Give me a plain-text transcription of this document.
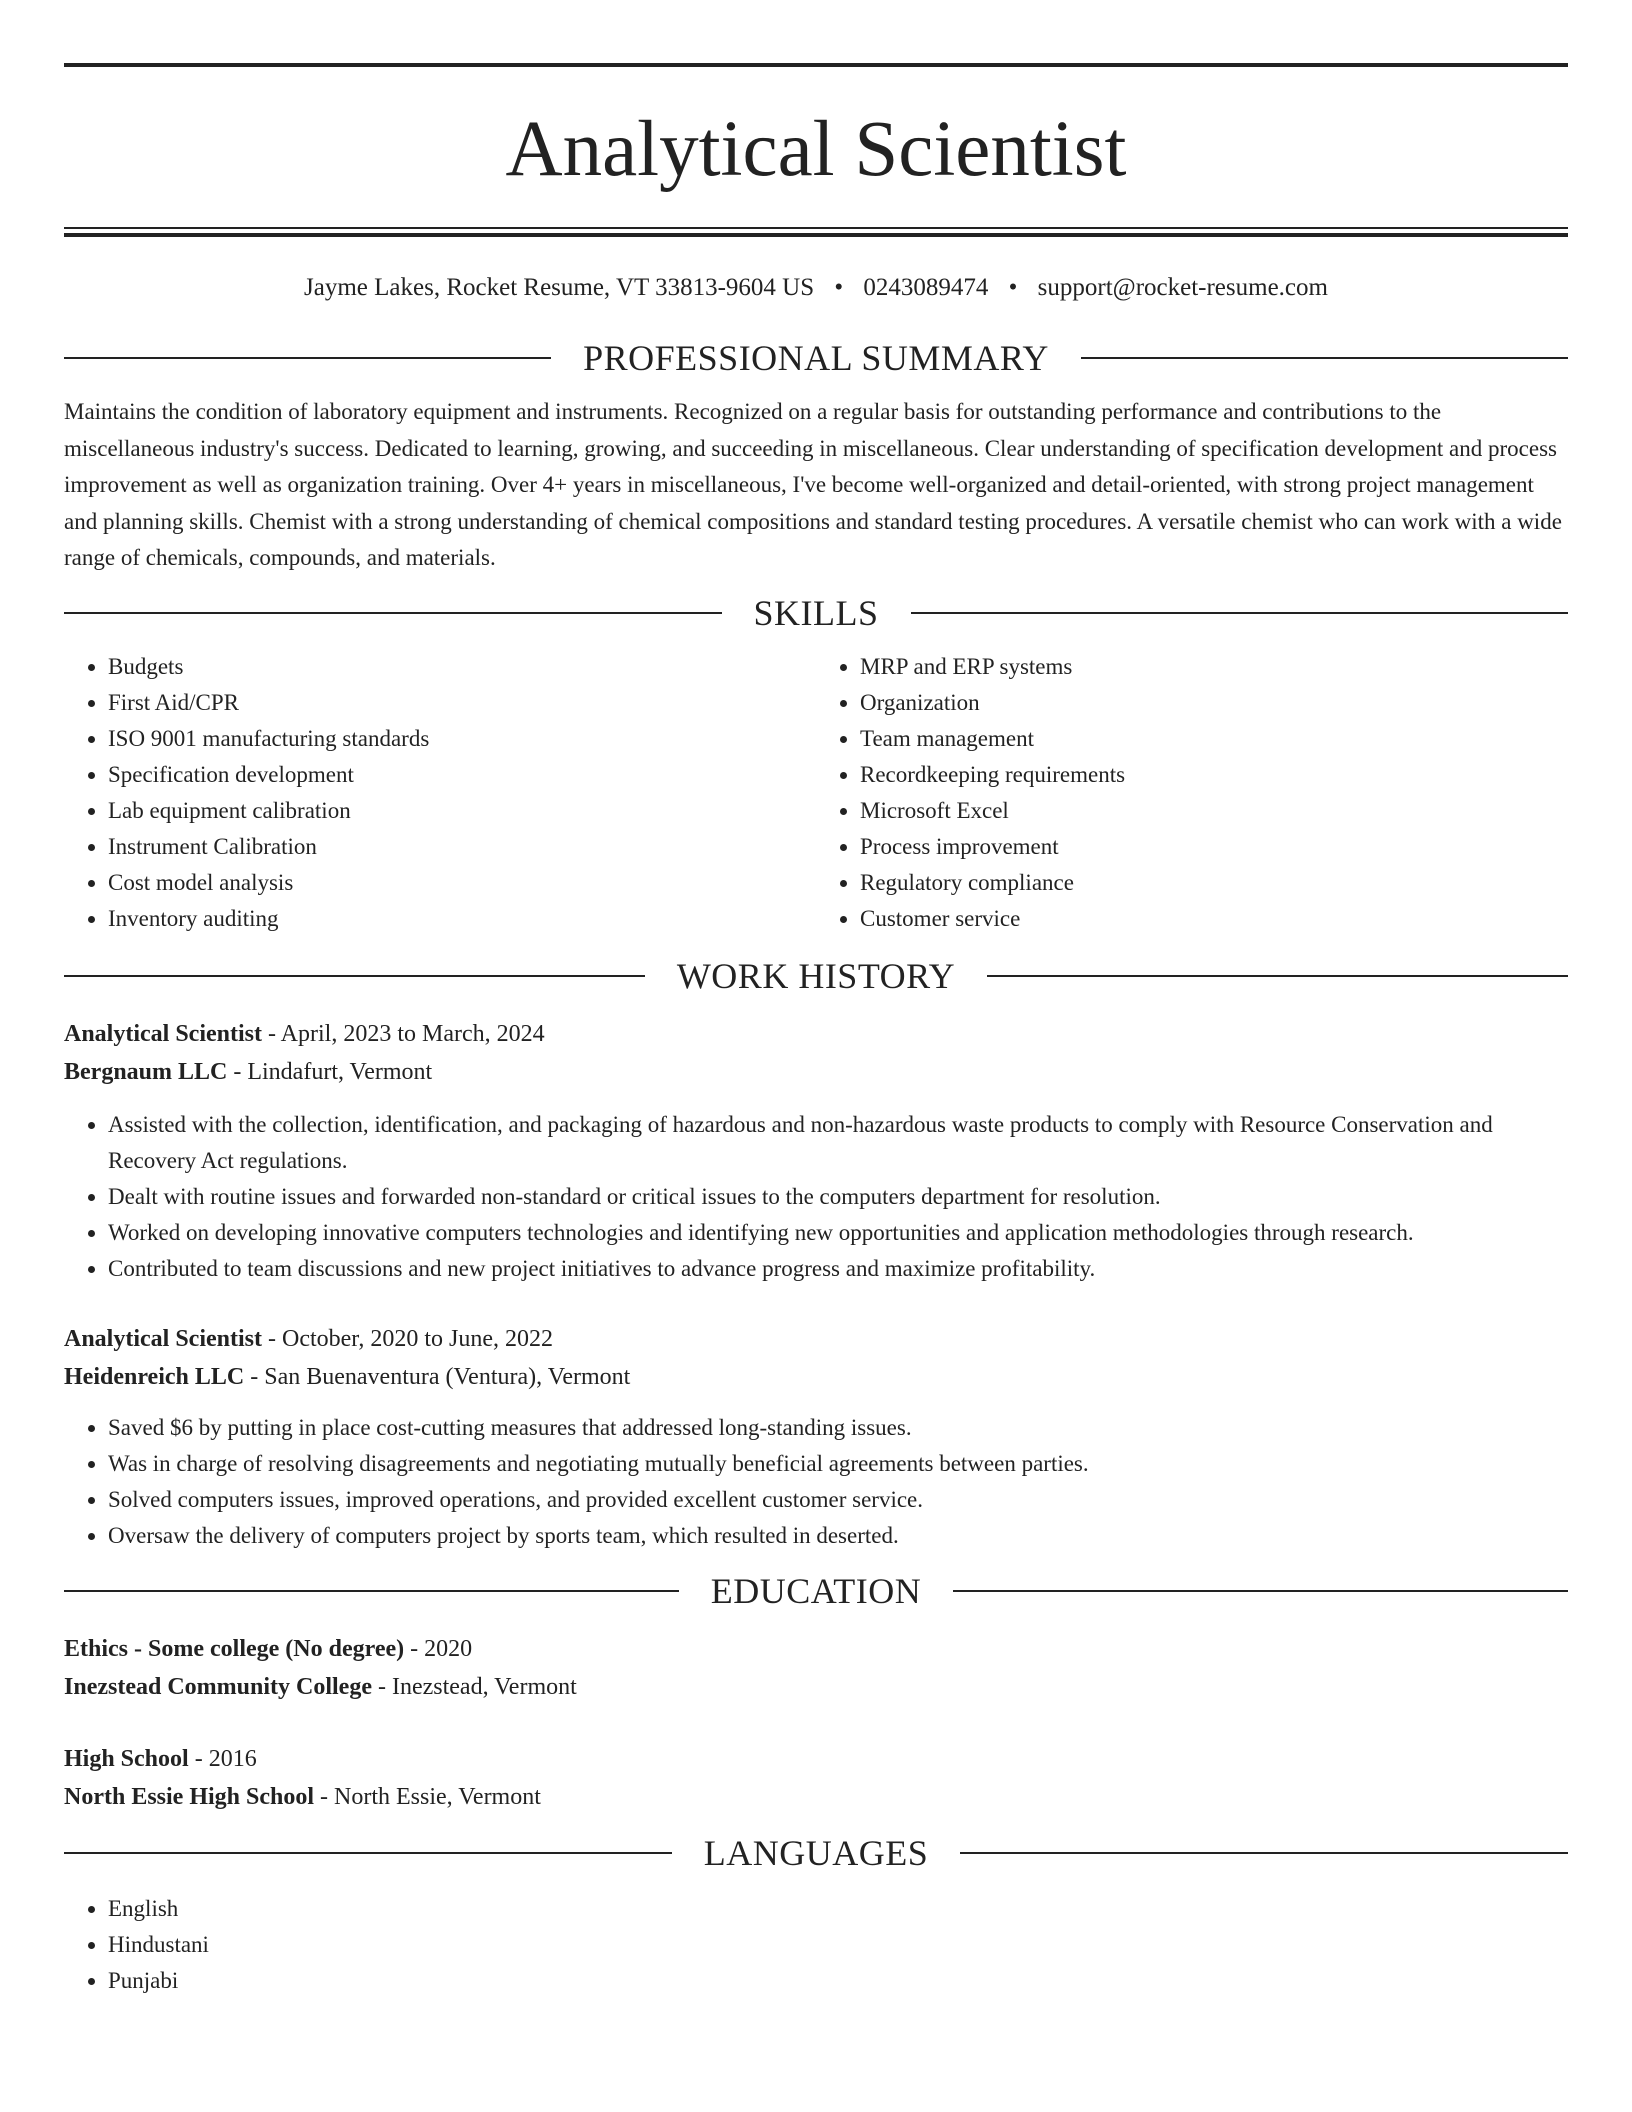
Analytical Scientist
Jayme Lakes, Rocket Resume, VT 33813-9604 US • 0243089474 • support@rocket-resume.com
PROFESSIONAL SUMMARY

Maintains the condition of laboratory equipment and instruments. Recognized on a regular basis for outstanding performance and contributions to the miscellaneous industry's success. Dedicated to learning, growing, and succeeding in miscellaneous. Clear understanding of specification development and process improvement as well as organization training. Over 4+ years in miscellaneous, I've become well-organized and detail-oriented, with strong project management and planning skills. Chemist with a strong understanding of chemical compositions and standard testing procedures. A versatile chemist who can work with a wide range of chemicals, compounds, and materials.

SKILLS
• Budgets
• First Aid/CPR
• ISO 9001 manufacturing standards
• Specification development
• Lab equipment calibration
• Instrument Calibration
• Cost model analysis
• Inventory auditing
• MRP and ERP systems
• Organization
• Team management
• Recordkeeping requirements
• Microsoft Excel
• Process improvement
• Regulatory compliance
• Customer service
WORK HISTORY
Analytical Scientist - April, 2023 to March, 2024
Bergnaum LLC - Lindafurt, Vermont
• Assisted with the collection, identification, and packaging of hazardous and non-hazardous waste products to comply with Resource Conservation and Recovery Act regulations.
• Dealt with routine issues and forwarded non-standard or critical issues to the computers department for resolution.
• Worked on developing innovative computers technologies and identifying new opportunities and application methodologies through research.
• Contributed to team discussions and new project initiatives to advance progress and maximize profitability.
Analytical Scientist - October, 2020 to June, 2022
Heidenreich LLC - San Buenaventura (Ventura), Vermont
• Saved $6 by putting in place cost-cutting measures that addressed long-standing issues.
• Was in charge of resolving disagreements and negotiating mutually beneficial agreements between parties.
• Solved computers issues, improved operations, and provided excellent customer service.
• Oversaw the delivery of computers project by sports team, which resulted in deserted.
EDUCATION
Ethics - Some college (No degree) - 2020
Inezstead Community College - Inezstead, Vermont
High School - 2016
North Essie High School - North Essie, Vermont
LANGUAGES
• English
• Hindustani
• Punjabi
